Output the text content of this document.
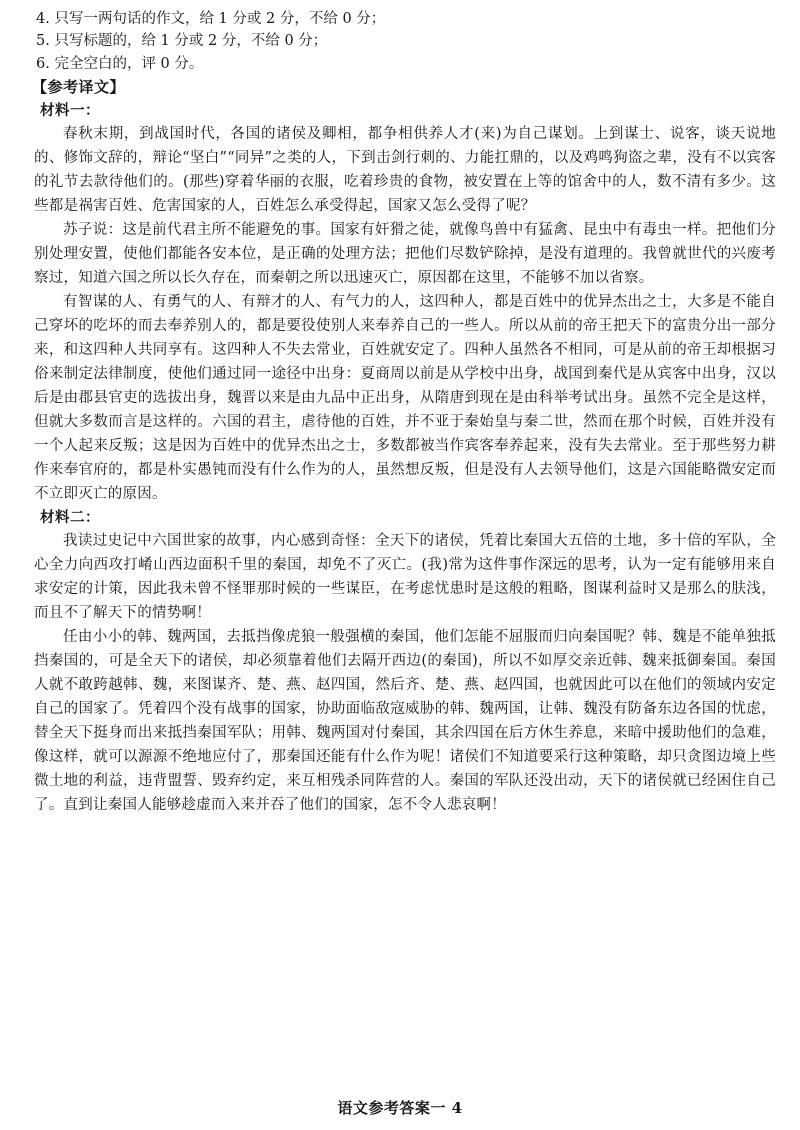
4. 只写一两句话的作文，给 1 分或 2 分，不给 0 分；

5. 只写标题的，给 1 分或 2 分，不给 0 分；

6. 完全空白的，评 0 分。

【参考译文】

材料一：

春秋末期，到战国时代，各国的诸侯及卿相，都争相供养人才(来)为自己谋划。上到谋士、说客，谈天说地的、修饰文辞的，辩论“坚白”“同异”之类的人，下到击剑行刺的、力能扛鼎的，以及鸡鸣狗盗之辈，没有不以宾客的礼节去款待他们的。(那些)穿着华丽的衣服，吃着珍贵的食物，被安置在上等的馆舍中的人，数不清有多少。这些都是祸害百姓、危害国家的人，百姓怎么承受得起，国家又怎么受得了呢？

苏子说：这是前代君主所不能避免的事。国家有奸猾之徒，就像鸟兽中有猛禽、昆虫中有毒虫一样。把他们分别处理安置，使他们都能各安本位，是正确的处理方法；把他们尽数铲除掉，是没有道理的。我曾就世代的兴废考察过，知道六国之所以长久存在，而秦朝之所以迅速灭亡，原因都在这里，不能够不加以省察。

有智谋的人、有勇气的人、有辩才的人、有气力的人，这四种人，都是百姓中的优异杰出之士，大多是不能自己穿坏的吃坏的而去奉养别人的，都是要役使别人来奉养自己的一些人。所以从前的帝王把天下的富贵分出一部分来，和这四种人共同享有。这四种人不失去常业，百姓就安定了。四种人虽然各不相同，可是从前的帝王却根据习俗来制定法律制度，使他们通过同一途径中出身：夏商周以前是从学校中出身，战国到秦代是从宾客中出身，汉以后是由郡县官吏的选拔出身，魏晋以来是由九品中正出身，从隋唐到现在是由科举考试出身。虽然不完全是这样，但就大多数而言是这样的。六国的君主，虐待他的百姓，并不亚于秦始皇与秦二世，然而在那个时候，百姓并没有一个人起来反叛；这是因为百姓中的优异杰出之士，多数都被当作宾客奉养起来，没有失去常业。至于那些努力耕作来奉官府的，都是朴实愚钝而没有什么作为的人，虽然想反叛，但是没有人去领导他们，这是六国能略微安定而不立即灭亡的原因。

材料二：

我读过史记中六国世家的故事，内心感到奇怪：全天下的诸侯，凭着比秦国大五倍的土地，多十倍的军队，全心全力向西攻打崤山西边面积千里的秦国，却免不了灭亡。(我)常为这件事作深远的思考，认为一定有能够用来自求安定的计策，因此我未曾不怪罪那时候的一些谋臣，在考虑忧患时是这般的粗略，图谋利益时又是那么的肤浅，而且不了解天下的情势啊！

任由小小的韩、魏两国，去抵挡像虎狼一般强横的秦国，他们怎能不屈服而归向秦国呢？韩、魏是不能单独抵挡秦国的，可是全天下的诸侯，却必须靠着他们去隔开西边(的秦国)，所以不如厚交亲近韩、魏来抵御秦国。秦国人就不敢跨越韩、魏，来图谋齐、楚、燕、赵四国，然后齐、楚、燕、赵四国，也就因此可以在他们的领域内安定自己的国家了。凭着四个没有战事的国家，协助面临敌寇威胁的韩、魏两国，让韩、魏没有防备东边各国的忧虑，替全天下挺身而出来抵挡秦国军队；用韩、魏两国对付秦国，其余四国在后方休生养息，来暗中援助他们的急难，像这样，就可以源源不绝地应付了，那秦国还能有什么作为呢！诸侯们不知道要采行这种策略，却只贪图边境上些微土地的利益，违背盟誓、毁弃约定，来互相残杀同阵营的人。秦国的军队还没出动，天下的诸侯就已经困住自己了。直到让秦国人能够趁虚而入来并吞了他们的国家，怎不令人悲哀啊！

语文参考答案一 4
